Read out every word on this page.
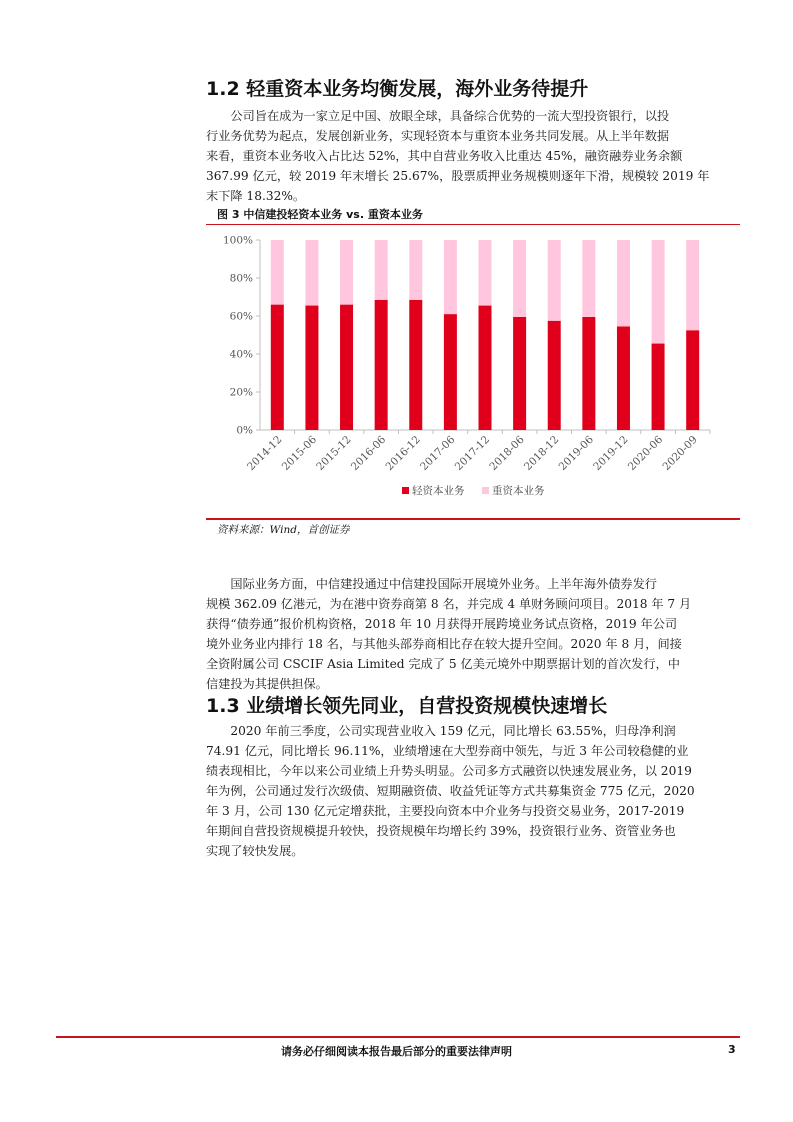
1.2 轻重资本业务均衡发展，海外业务待提升
公司旨在成为一家立足中国、放眼全球，具备综合优势的一流大型投资银行，以投
行业务优势为起点，发展创新业务，实现轻资本与重资本业务共同发展。从上半年数据
来看，重资本业务收入占比达 52%，其中自营业务收入比重达 45%，融资融券业务余额
367.99 亿元，较 2019 年末增长 25.67%，股票质押业务规模则逐年下滑，规模较 2019 年
末下降 18.32%。
图 3 中信建投轻资本业务 vs. 重资本业务
0%
20%
40%
60%
80%
100%
2014-12
2015-06
2015-12
2016-06
2016-12
2017-06
2017-12
2018-06
2018-12
2019-06
2019-12
2020-06
2020-09
轻资本业务	重资本业务
资料来源：Wind，首创证券
国际业务方面，中信建投通过中信建投国际开展境外业务。上半年海外债券发行
规模 362.09 亿港元，为在港中资券商第 8 名，并完成 4 单财务顾问项目。2018 年 7 月
获得“债券通”报价机构资格，2018 年 10 月获得开展跨境业务试点资格，2019 年公司
境外业务业内排行 18 名，与其他头部券商相比存在较大提升空间。2020 年 8 月，间接
全资附属公司 CSCIF Asia Limited 完成了 5 亿美元境外中期票据计划的首次发行，中
信建投为其提供担保。
1.3 业绩增长领先同业，自营投资规模快速增长
2020 年前三季度，公司实现营业收入 159 亿元，同比增长 63.55%，归母净利润
74.91 亿元，同比增长 96.11%，业绩增速在大型券商中领先，与近 3 年公司较稳健的业
绩表现相比，今年以来公司业绩上升势头明显。公司多方式融资以快速发展业务，以 2019
年为例，公司通过发行次级债、短期融资债、收益凭证等方式共募集资金 775 亿元，2020
年 3 月，公司 130 亿元定增获批，主要投向资本中介业务与投资交易业务，2017-2019
年期间自营投资规模提升较快，投资规模年均增长约 39%，投资银行业务、资管业务也
实现了较快发展。
请务必仔细阅读本报告最后部分的重要法律声明	3
